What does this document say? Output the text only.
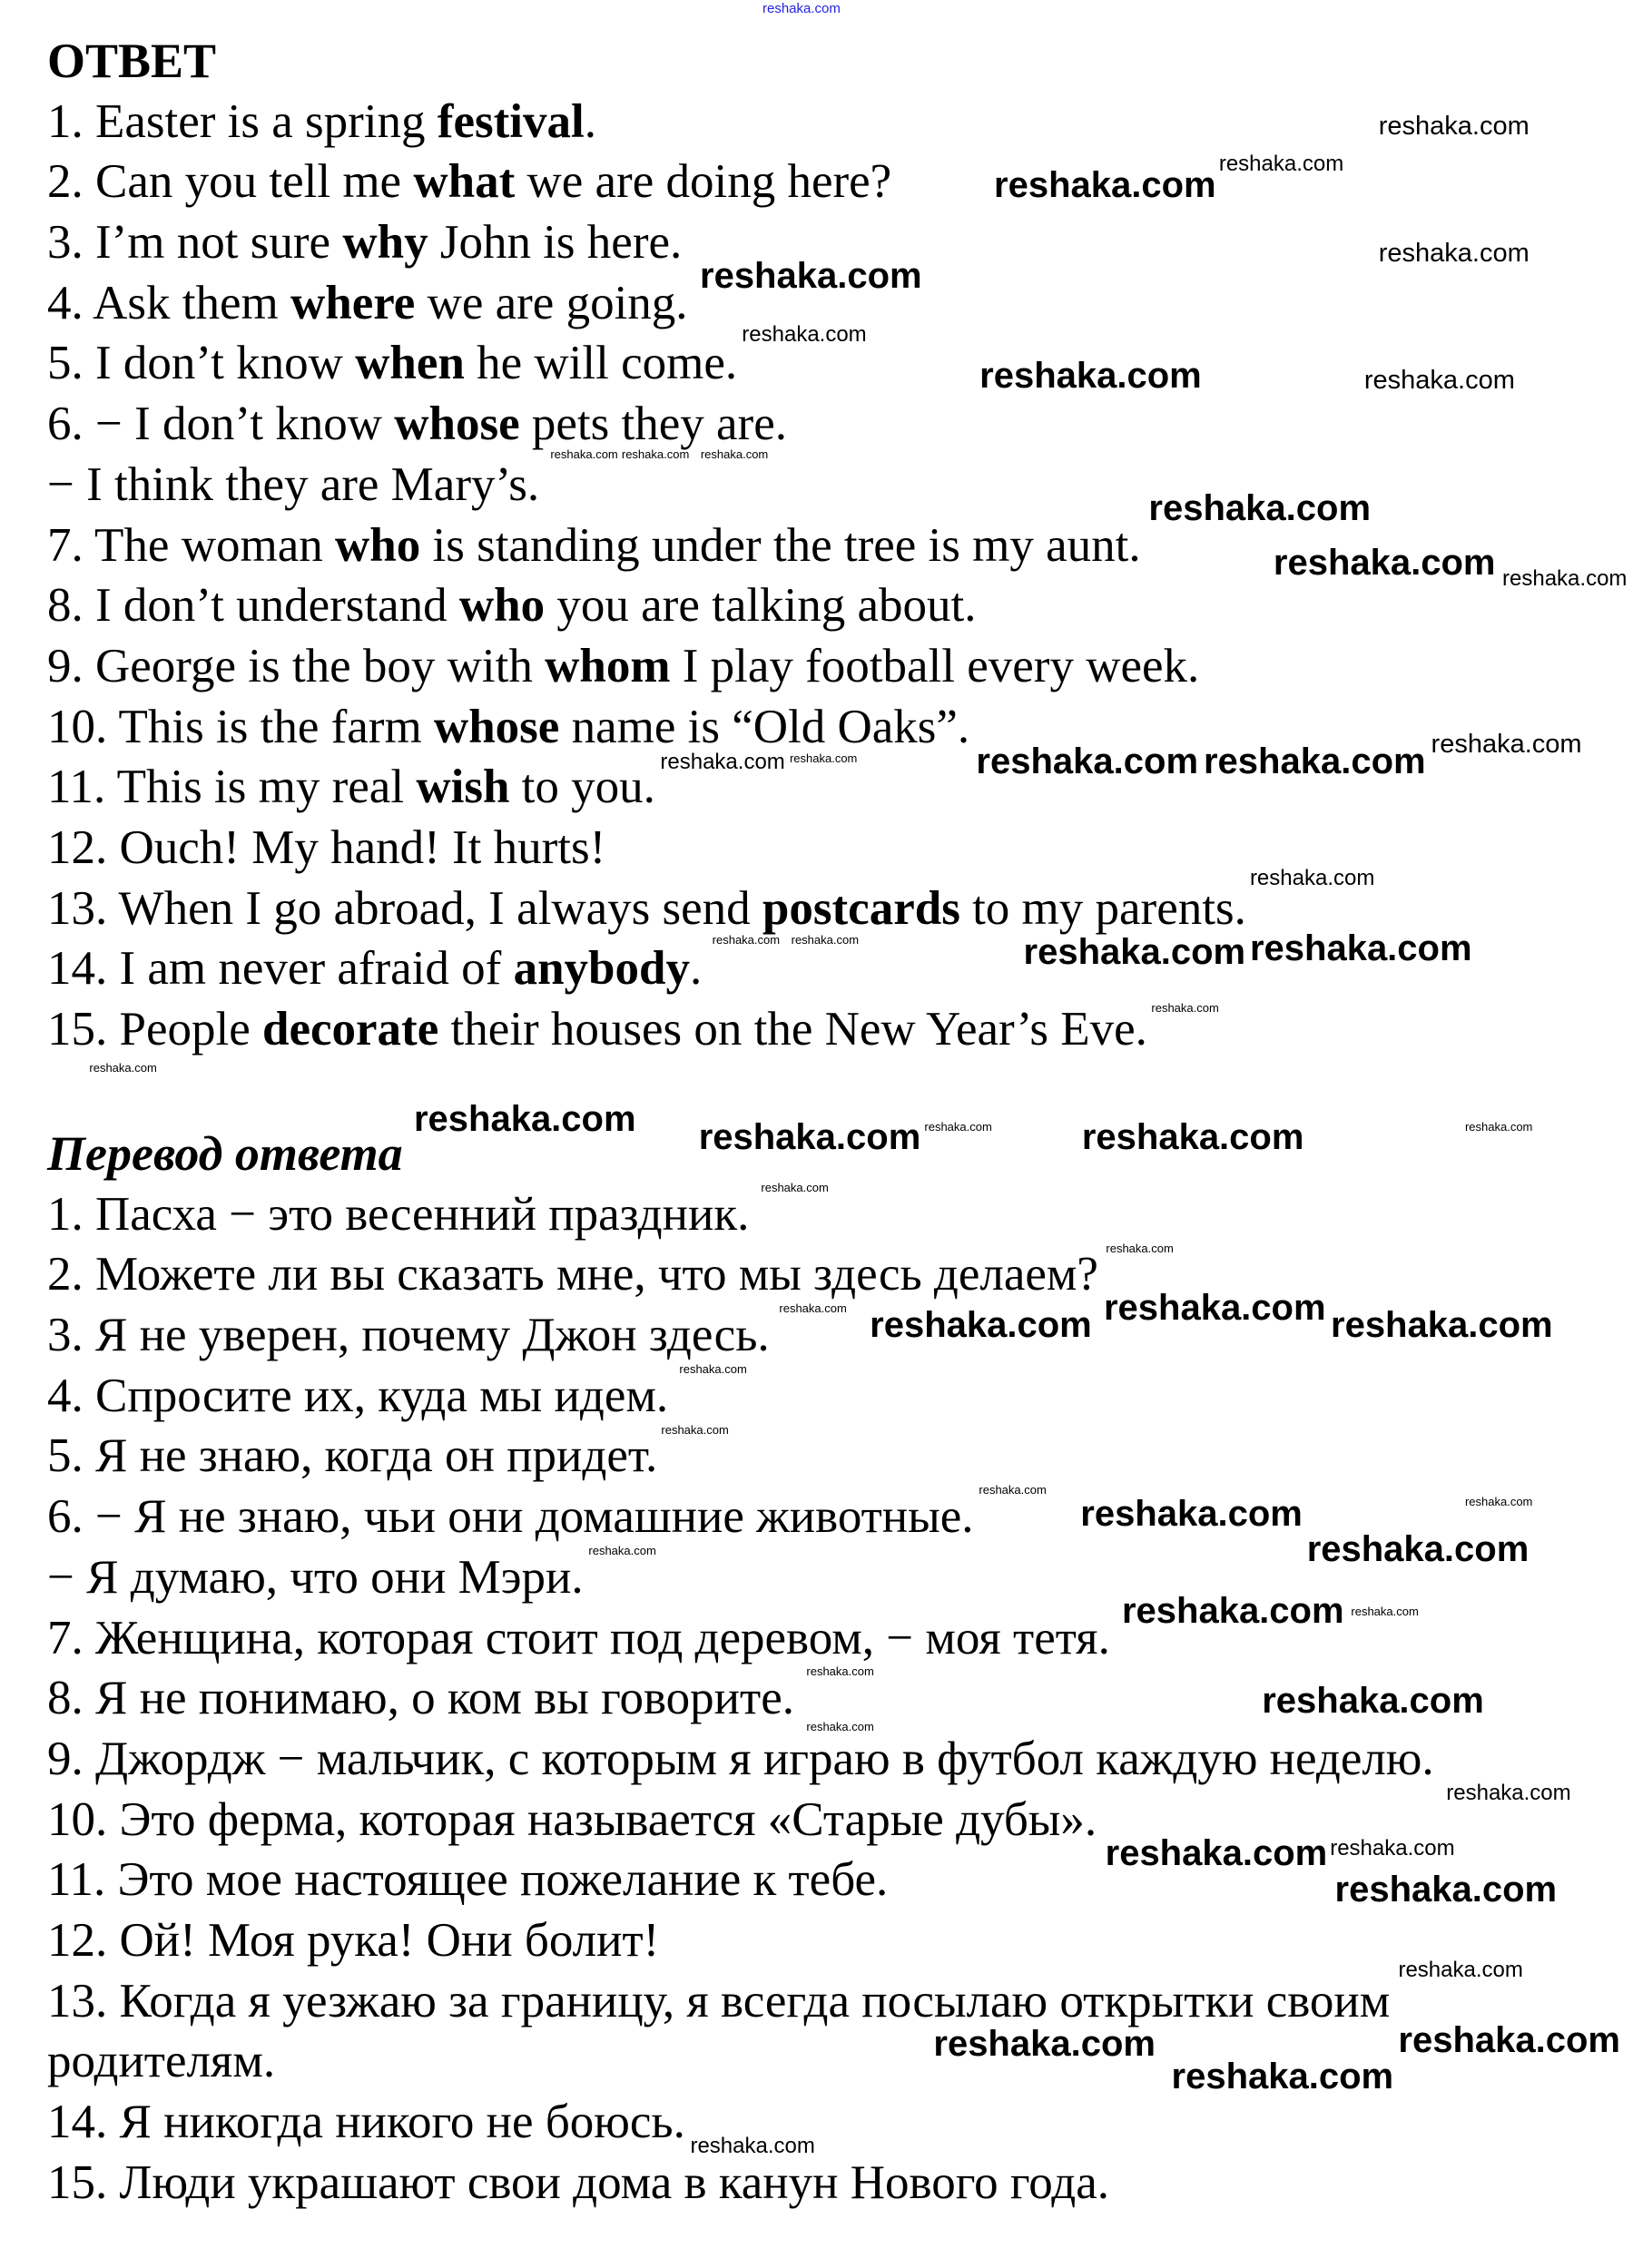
reshaka.com
ОТВЕТ
1. Easter is a spring festival.
2. Can you tell me what we are doing here?
3. I’m not sure why John is here.
4. Ask them where we are going.
5. I don’t know when he will come.
6. − I don’t know whose pets they are.
− I think they are Mary’s.
7. The woman who is standing under the tree is my aunt.
8. I don’t understand who you are talking about.
9. George is the boy with whom I play football every week.
10. This is the farm whose name is “Old Oaks”.
11. This is my real wish to you.
12. Ouch! My hand! It hurts!
13. When I go abroad, I always send postcards to my parents.
14. I am never afraid of anybody.
15. People decorate their houses on the New Year’s Eve.
Перевод ответа
1. Пасха − это весенний праздник.
2. Можете ли вы сказать мне, что мы здесь делаем?
3. Я не уверен, почему Джон здесь.
4. Спросите их, куда мы идем.
5. Я не знаю, когда он придет.
6. − Я не знаю, чьи они домашние животные.
− Я думаю, что они Мэри.
7. Женщина, которая стоит под деревом, − моя тетя.
8. Я не понимаю, о ком вы говорите.
9. Джордж − мальчик, с которым я играю в футбол каждую неделю.
10. Это ферма, которая называется «Старые дубы».
11. Это мое настоящее пожелание к тебе.
12. Ой! Моя рука! Они болит!
13. Когда я уезжаю за границу, я всегда посылаю открытки своим
родителям.
14. Я никогда никого не боюсь.
15. Люди украшают свои дома в канун Нового года.
reshaka.com
reshaka.com
reshaka.com
reshaka.com
reshaka.com
reshaka.com reshaka.com
reshaka.com
reshaka.com
reshaka.com reshaka.com	reshaka.com
reshaka.com reshaka.com
reshaka.com
reshaka.com
reshaka.com
reshaka.com
reshaka.com
reshaka.com
reshaka.com
reshaka.com
reshaka.com
reshaka.com
reshaka.com
reshaka.com
reshaka.com
reshaka.com
reshaka.com
reshaka.com
reshaka.com
reshaka.com
reshaka.com
reshaka.com
reshaka.com
reshaka.com
reshaka.com
reshaka.com reshaka.com reshaka.com
reshaka.com
reshaka.com reshaka.com
reshaka.com
reshaka.com
reshaka.com	reshaka.com
reshaka.com
reshaka.com
reshaka.com
reshaka.com
reshaka.com
reshaka.com
reshaka.com
reshaka.com
reshaka.com
reshaka.com
reshaka.com
